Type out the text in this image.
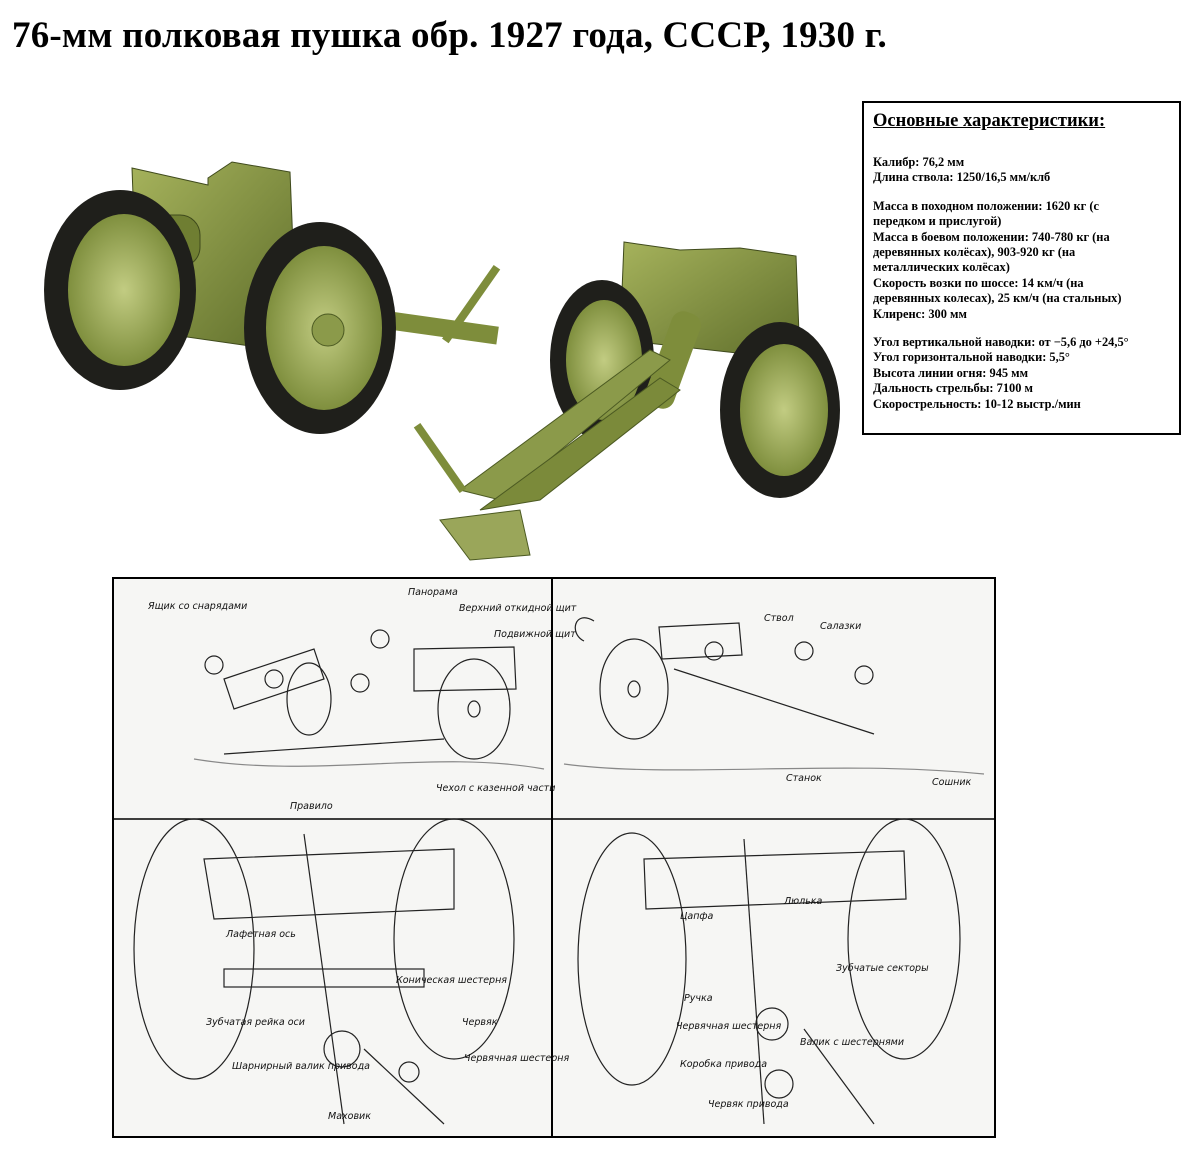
76-мм полковая пушка обр. 1927 года, СССР, 1930 г.
Основные характеристики:
Калибр: 76,2 мм
Длина ствола: 1250/16,5 мм/клб
Масса в походном положении: 1620 кг (с
передком и прислугой)
Масса в боевом положении: 740-780 кг (на
деревянных колёсах), 903-920 кг (на
металлических колёсах)
Скорость возки по шоссе: 14 км/ч (на
деревянных колесах), 25 км/ч (на стальных)
Клиренс: 300 мм
Угол вертикальной наводки: от −5,6 до +24,5°
Угол горизонтальной наводки: 5,5°
Высота линии огня: 945 мм
Дальность стрельбы: 7100 м
Скорострельность: 10-12 выстр./мин
Ящик со снарядами
Панорама
Верхний откидной щит
Подвижной щит
Правило
Чехол с казенной части
Ствол
Салазки
Станок	Сошник
Лафетная ось
Коническая шестерня
Зубчатая рейка оси	Червяк
Шарнирный валик привода
Червячная шестерня
Маховик
Цапфа
Люлька
Зубчатые секторы
Ручка
Червячная шестерня
Валик с шестернями
Коробка привода
Червяк привода
